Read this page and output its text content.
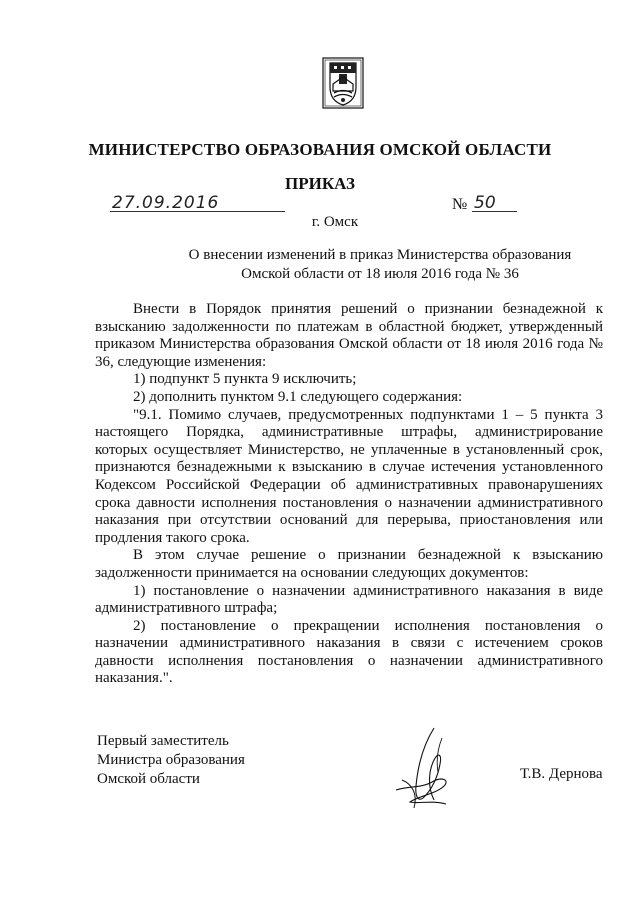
МИНИСТЕРСТВО ОБРАЗОВАНИЯ ОМСКОЙ ОБЛАСТИ
ПРИКАЗ
27.09.2016	№ 50
г. Омск
О внесении изменений в приказ Министерства образования
Омской области от 18 июля 2016 года № 36

Внести в Порядок принятия решений о признании безнадежной к взысканию задолженности по платежам в областной бюджет, утвержденный приказом Министерства образования Омской области от 18 июля 2016 года № 36, следующие изменения:

1) подпункт 5 пункта 9 исключить;

2) дополнить пунктом 9.1 следующего содержания:

"9.1. Помимо случаев, предусмотренных подпунктами 1 – 5 пункта 3 настоящего Порядка, административные штрафы, администрирование которых осуществляет Министерство, не уплаченные в установленный срок, признаются безнадежными к взысканию в случае истечения установленного Кодексом Российской Федерации об административных правонарушениях срока давности исполнения постановления о назначении административного наказания при отсутствии оснований для перерыва, приостановления или продления такого срока.

В этом случае решение о признании безнадежной к взысканию задолженности принимается на основании следующих документов:

1) постановление о назначении административного наказания в виде административного штрафа;

2) постановление о прекращении исполнения постановления о назначении административного наказания в связи с истечением сроков давности исполнения постановления о назначении административного наказания.".

Первый заместитель
Министра образования
Омской области	Т.В. Дернова
